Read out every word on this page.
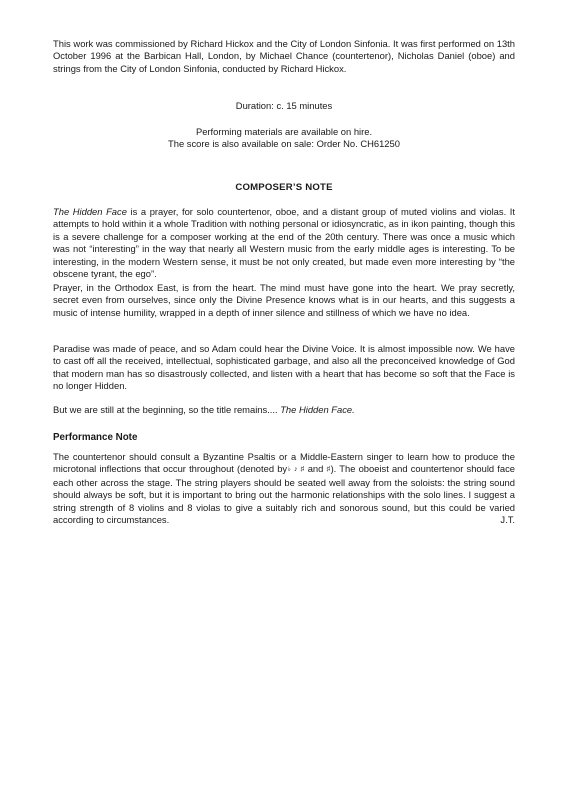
This work was commissioned by Richard Hickox and the City of London Sinfonia. It was first performed on 13th October 1996 at the Barbican Hall, London, by Michael Chance (countertenor), Nicholas Daniel (oboe) and strings from the City of London Sinfonia, conducted by Richard Hickox.

Duration: c. 15 minutes

Performing materials are available on hire.

The score is also available on sale: Order No. CH61250

COMPOSER’S NOTE

The Hidden Face is a prayer, for solo countertenor, oboe, and a distant group of muted violins and violas. It attempts to hold within it a whole Tradition with nothing personal or idiosyncratic, as in ikon painting, though this is a severe challenge for a composer working at the end of the 20th century. There was once a music which was not “interesting” in the way that nearly all Western music from the early middle ages is interesting. To be interesting, in the modern Western sense, it must be not only created, but made even more interesting by “the obscene tyrant, the ego”.

Prayer, in the Orthodox East, is from the heart. The mind must have gone into the heart. We pray secretly, secret even from ourselves, since only the Divine Presence knows what is in our hearts, and this suggests a music of intense humility, wrapped in a depth of inner silence and stillness of which we have no idea.

Paradise was made of peace, and so Adam could hear the Divine Voice. It is almost impossible now. We have to cast off all the received, intellectual, sophisticated garbage, and also all the preconceived knowledge of God that modern man has so disastrously collected, and listen with a heart that has become so soft that the Face is no longer Hidden.

But we are still at the beginning, so the title remains.... The Hidden Face.

Performance Note

The countertenor should consult a Byzantine Psaltis or a Middle-Eastern singer to learn how to produce the microtonal inflections that occur throughout (denoted by♭ ♪ ♯ and ♯). The oboeist and countertenor should face each other across the stage. The string players should be seated well away from the soloists: the string sound should always be soft, but it is important to bring out the harmonic relationships with the solo lines. I suggest a string strength of 8 violins and 8 violas to give a suitably rich and sonorous sound, but this could be varied according to circumstances.	J.T.
